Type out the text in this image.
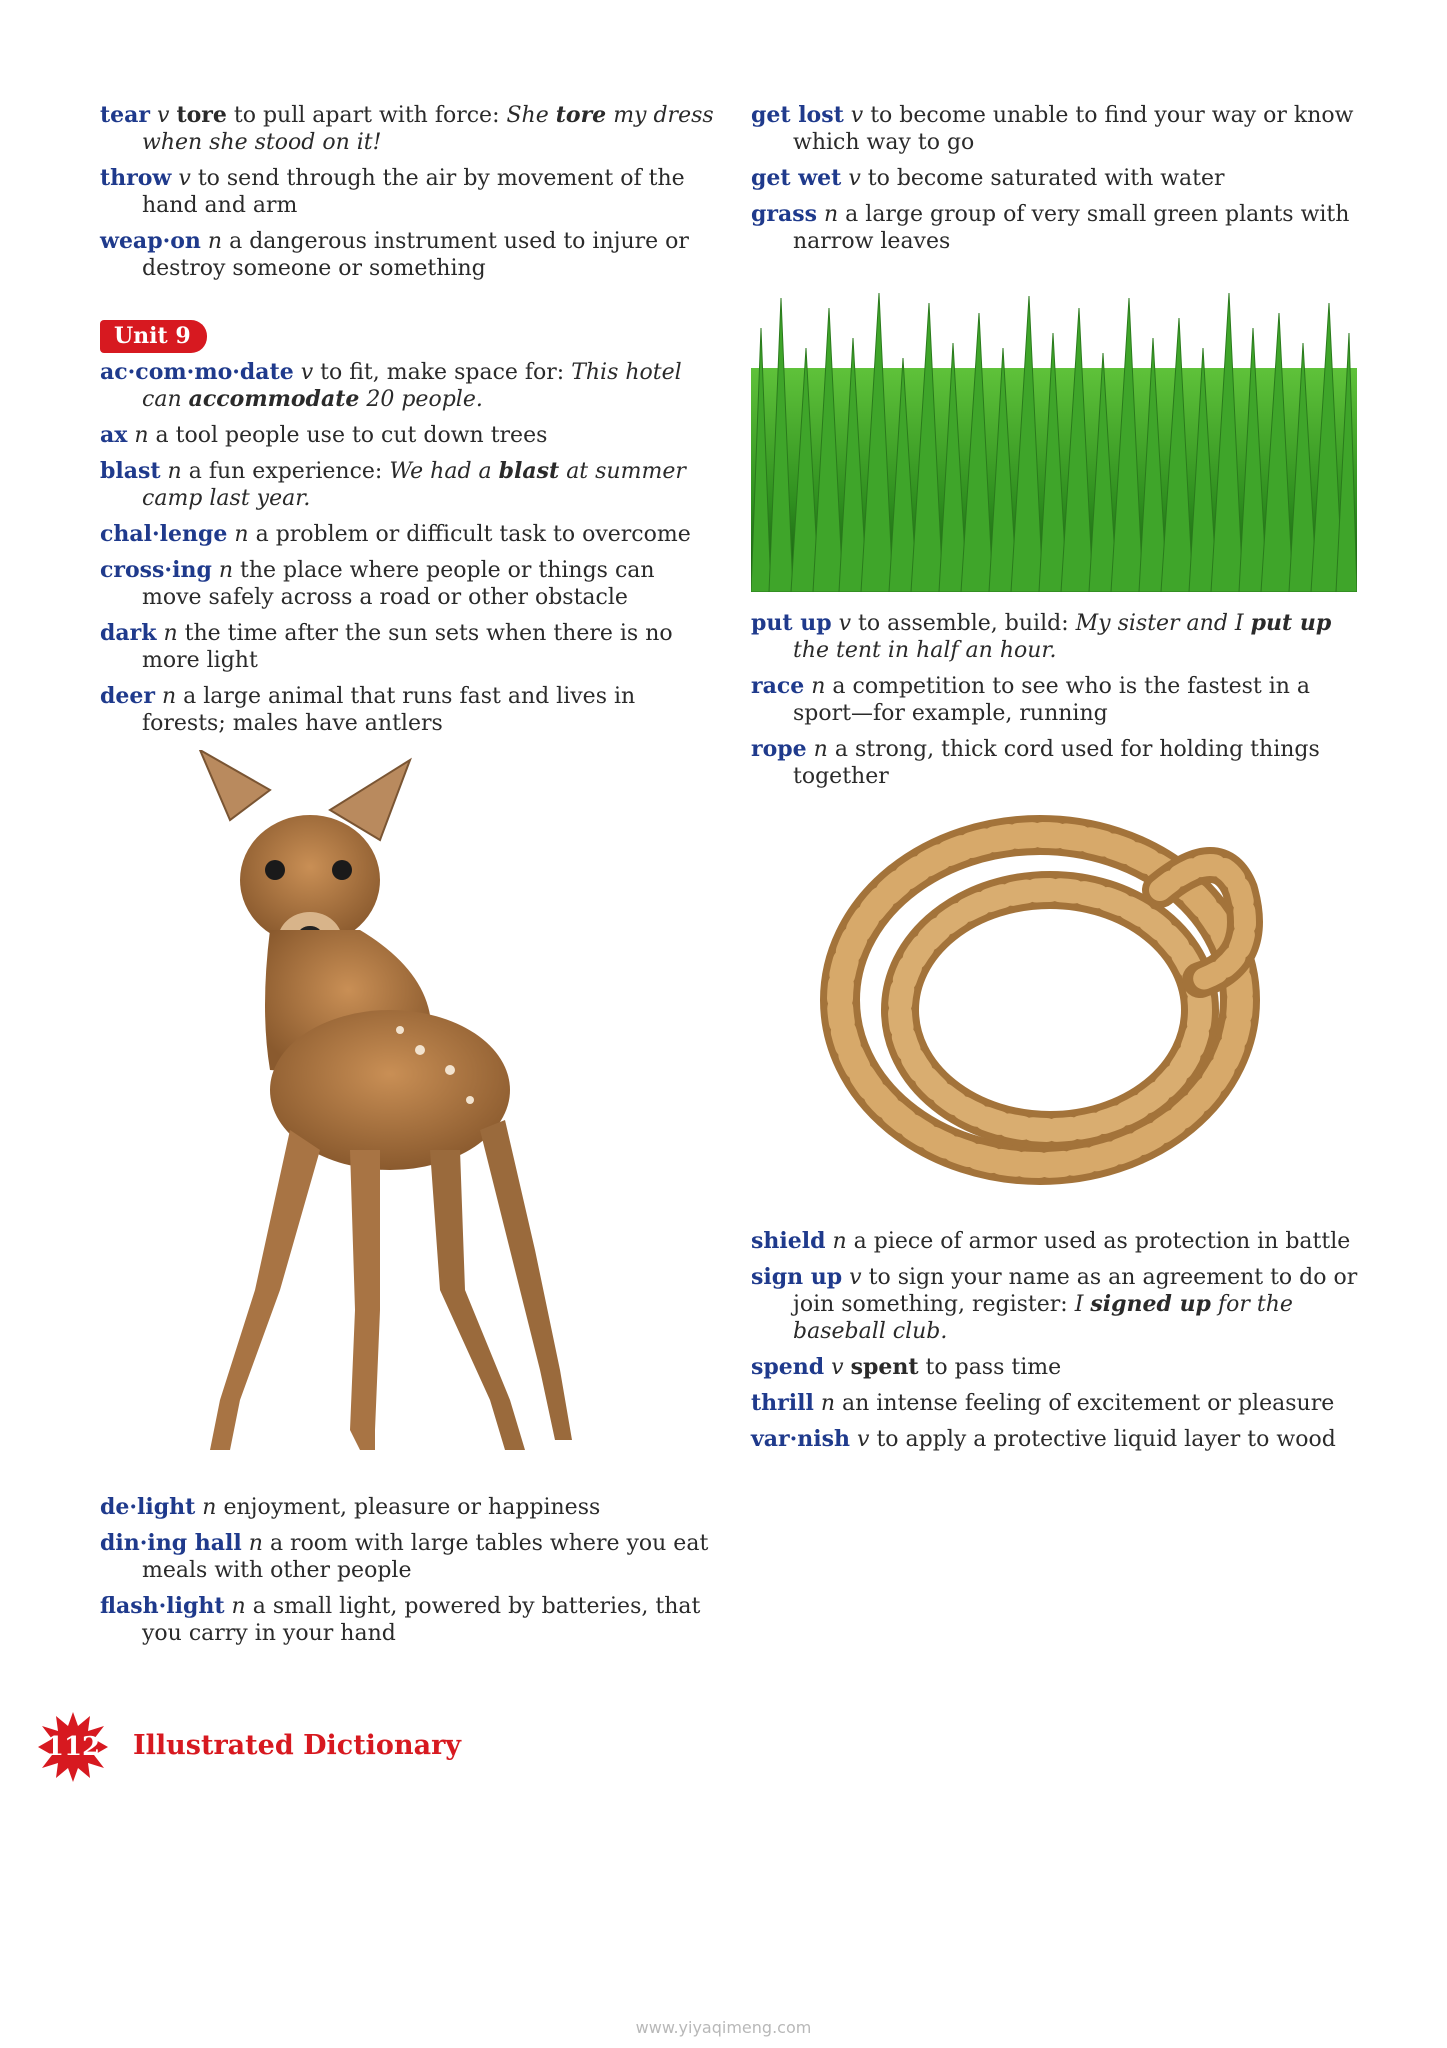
tear v tore to pull apart with force: She tore my dress when she stood on it!
throw v to send through the air by movement of the hand and arm
weap·on n a dangerous instrument used to injure or destroy someone or something
Unit 9
ac·com·mo·date v to fit, make space for: This hotel can accommodate 20 people.
ax n a tool people use to cut down trees
blast n a fun experience: We had a blast at summer camp last year.
chal·lenge n a problem or difficult task to overcome
cross·ing n the place where people or things can move safely across a road or other obstacle
dark n the time after the sun sets when there is no more light
deer n a large animal that runs fast and lives in forests; males have antlers
de·light n enjoyment, pleasure or happiness
din·ing hall n a room with large tables where you eat meals with other people
flash·light n a small light, powered by batteries, that you carry in your hand
get lost v to become unable to find your way or know which way to go
get wet v to become saturated with water
grass n a large group of very small green plants with narrow leaves
put up v to assemble, build: My sister and I put up the tent in half an hour.
race n a competition to see who is the fastest in a sport—for example, running
rope n a strong, thick cord used for holding things together
shield n a piece of armor used as protection in battle
sign up v to sign your name as an agreement to do or join something, register: I signed up for the baseball club.
spend v spent to pass time
thrill n an intense feeling of excitement or pleasure
var·nish v to apply a protective liquid layer to wood
112 Illustrated Dictionary
www.yiyaqimeng.com
